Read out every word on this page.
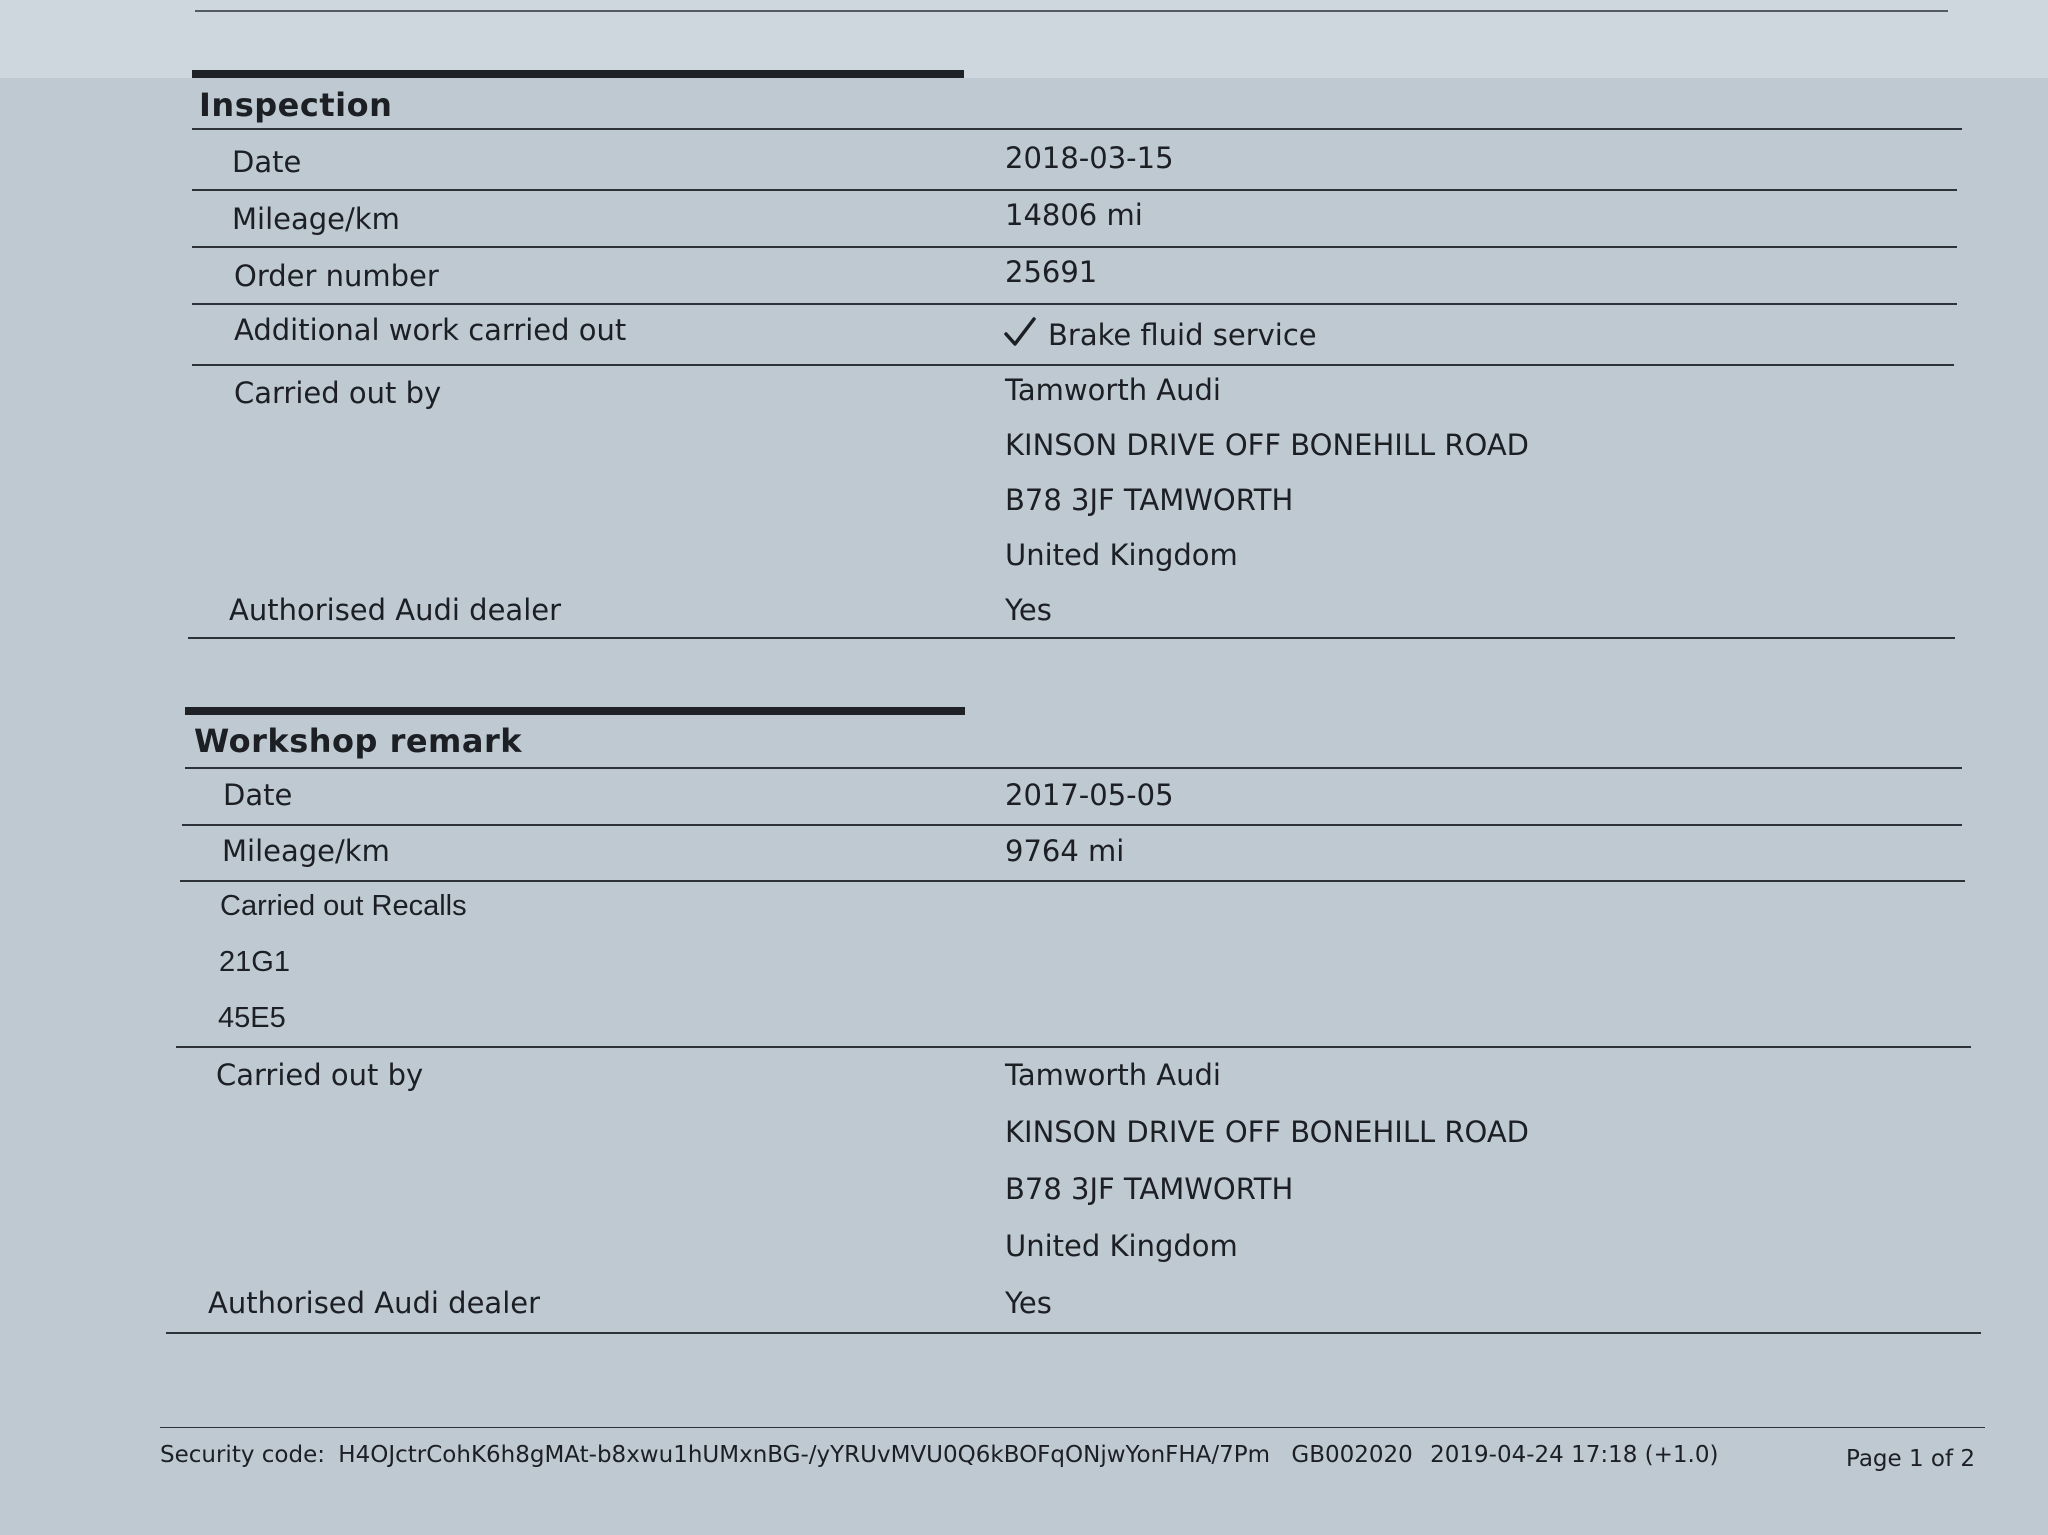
Inspection
Date	2018-03-15
Mileage/km	14806 mi
Order number	25691
Additional work carried out	Brake fluid service
Carried out by	Tamworth Audi
KINSON DRIVE OFF BONEHILL ROAD
B78 3JF TAMWORTH
United Kingdom
Authorised Audi dealer	Yes
Workshop remark
Date	2017-05-05
Mileage/km	9764 mi
Carried out Recalls
21G1
45E5
Carried out by	Tamworth Audi
KINSON DRIVE OFF BONEHILL ROAD
B78 3JF TAMWORTH
United Kingdom
Authorised Audi dealer	Yes
Security code: H4OJctrCohK6h8gMAt-b8xwu1hUMxnBG-/yYRUvMVU0Q6kBOFqONjwYonFHA/7Pm GB002020 2019-04-24 17:18 (+1.0)	Page 1 of 2
